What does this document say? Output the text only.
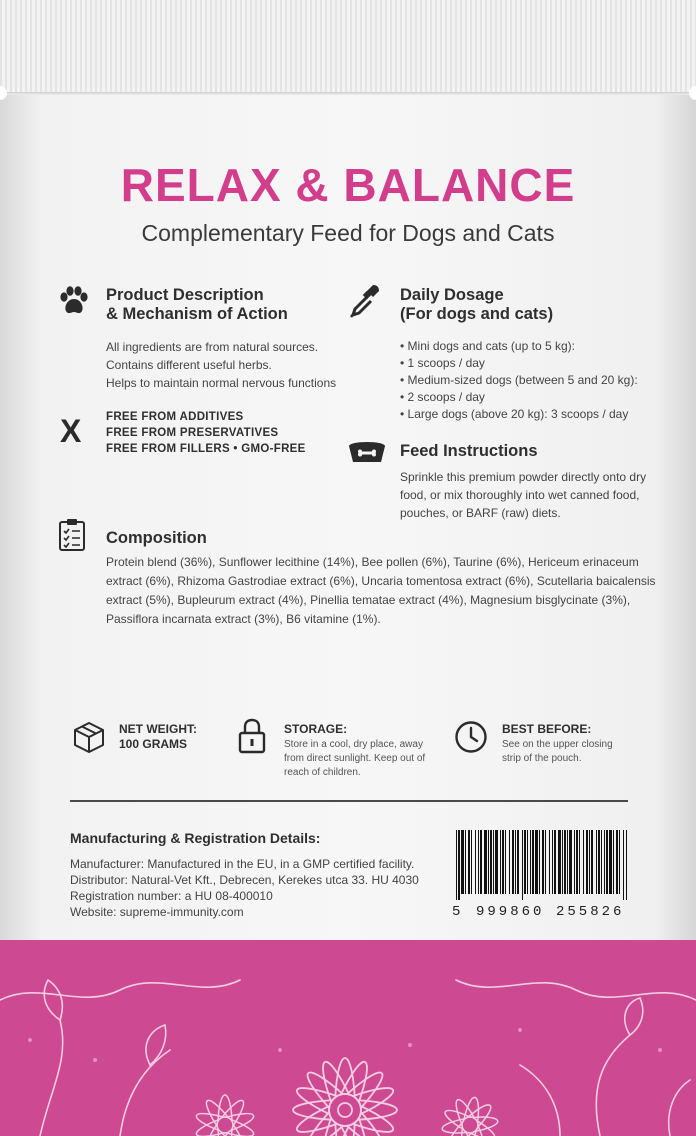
RELAX & BALANCE

Complementary Feed for Dogs and Cats

Product Description
& Mechanism of Action

All ingredients are from natural sources.
Contains different useful herbs.
Helps to maintain normal nervous functions

X FREE FROM ADDITIVES
FREE FROM PRESERVATIVES
FREE FROM FILLERS • GMO-FREE

Daily Dosage
(For dogs and cats)

• Mini dogs and cats (up to 5 kg):
• 1 scoops / day
• Medium-sized dogs (between 5 and 20 kg):
• 2 scoops / day
• Large dogs (above 20 kg): 3 scoops / day

Feed Instructions

Sprinkle this premium powder directly onto dry
food, or mix thoroughly into wet canned food,
pouches, or BARF (raw) diets.

Composition

Protein blend (36%), Sunflower lecithine (14%), Bee pollen (6%), Taurine (6%), Hericeum erinaceum
extract (6%), Rhizoma Gastrodiae extract (6%), Uncaria tomentosa extract (6%), Scutellaria baicalensis
extract (5%), Bupleurum extract (4%), Pinellia tematae extract (4%), Magnesium bisglycinate (3%),
Passiflora incarnata extract (3%), B6 vitamine (1%).

NET WEIGHT:
100 GRAMS

STORAGE:

Store in a cool, dry place, away
from direct sunlight. Keep out of
reach of children.

BEST BEFORE:

See on the upper closing
strip of the pouch.

Manufacturing & Registration Details:

Manufacturer: Manufactured in the EU, in a GMP certified facility.

Distributor: Natural-Vet Kft., Debrecen, Kerekes utca 33. HU 4030

Registration number: a HU 08-400010

Website: supreme-immunity.com	5 999860 255826
